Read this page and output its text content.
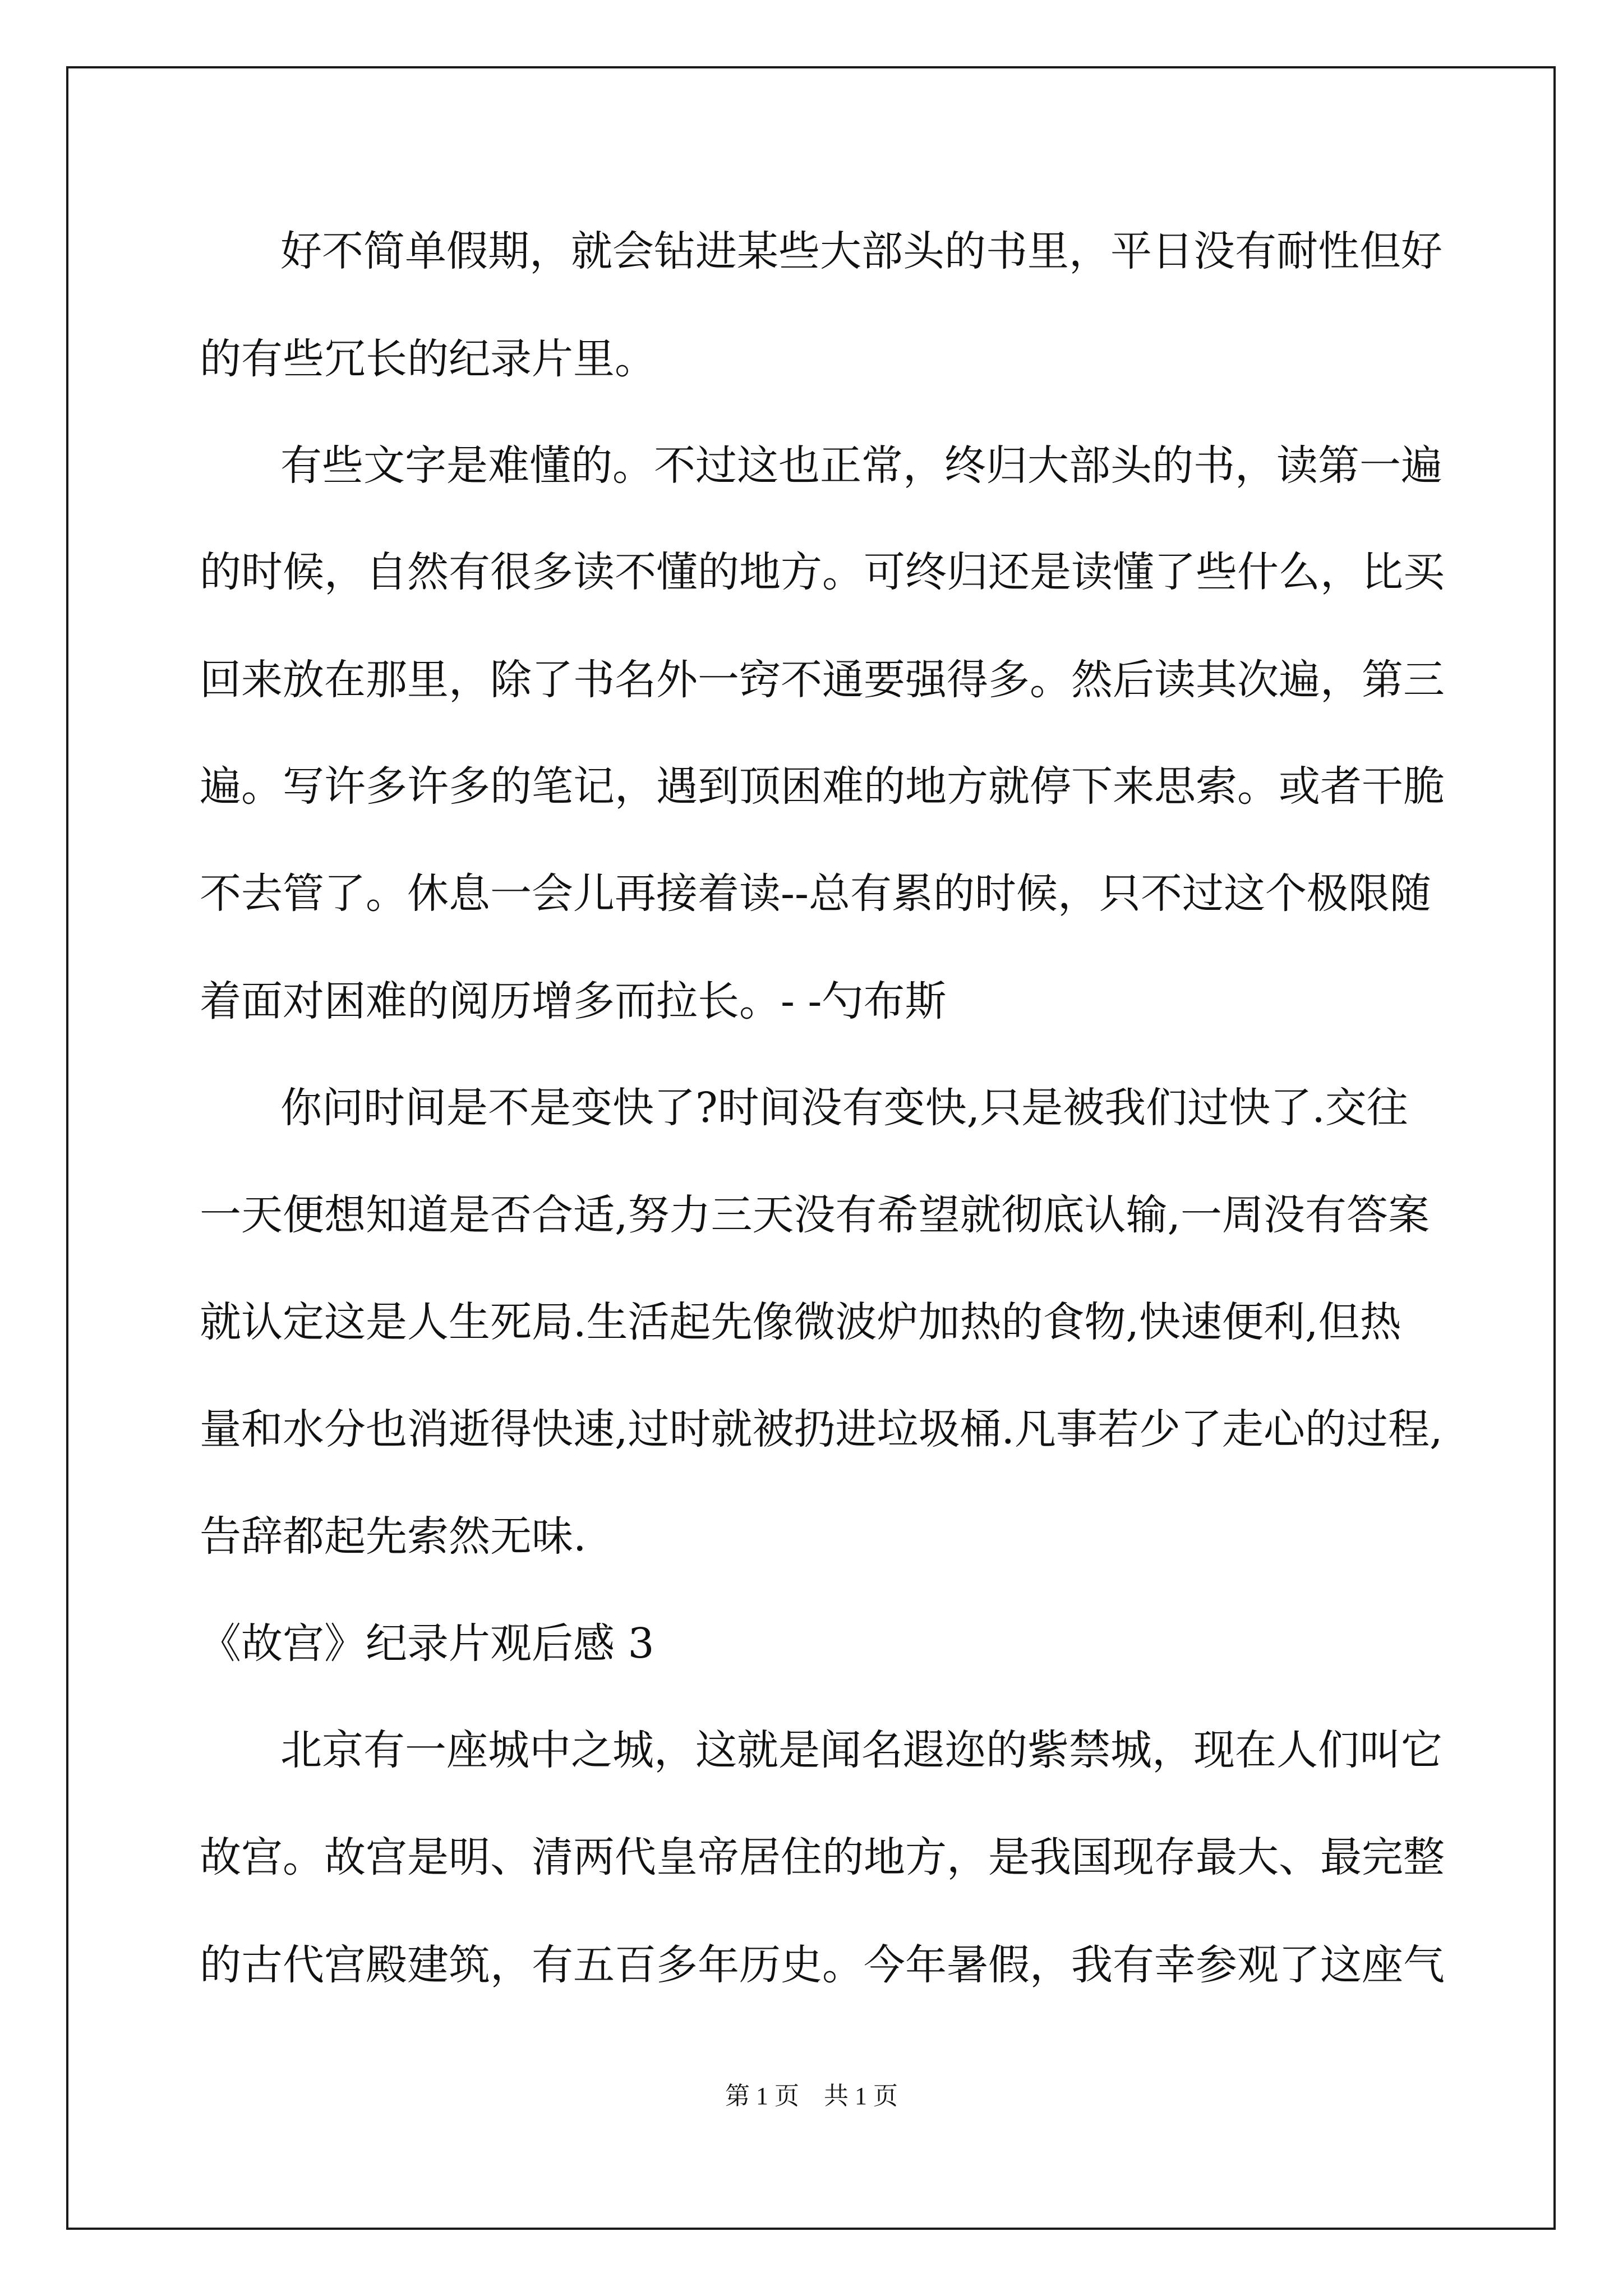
好不简单假期，就会钻进某些大部头的书里，平日没有耐性但好

的有些冗长的纪录片里。

有些文字是难懂的。不过这也正常，终归大部头的书，读第一遍

的时候，自然有很多读不懂的地方。可终归还是读懂了些什么，比买

回来放在那里，除了书名外一窍不通要强得多。然后读其次遍，第三

遍。写许多许多的笔记，遇到顶困难的地方就停下来思索。或者干脆

不去管了。休息一会儿再接着读--总有累的时候，只不过这个极限随

着面对困难的阅历增多而拉长。- -勺布斯

你问时间是不是变快了?时间没有变快,只是被我们过快了.交往

一天便想知道是否合适,努力三天没有希望就彻底认输,一周没有答案

就认定这是人生死局.生活起先像微波炉加热的食物,快速便利,但热

量和水分也消逝得快速,过时就被扔进垃圾桶.凡事若少了走心的过程,

告辞都起先索然无味.

《故宫》纪录片观后感 3

北京有一座城中之城，这就是闻名遐迩的紫禁城，现在人们叫它

故宫。故宫是明、清两代皇帝居住的地方，是我国现存最大、最完整

的古代宫殿建筑，有五百多年历史。今年暑假，我有幸参观了这座气

第 1 页　共 1 页
